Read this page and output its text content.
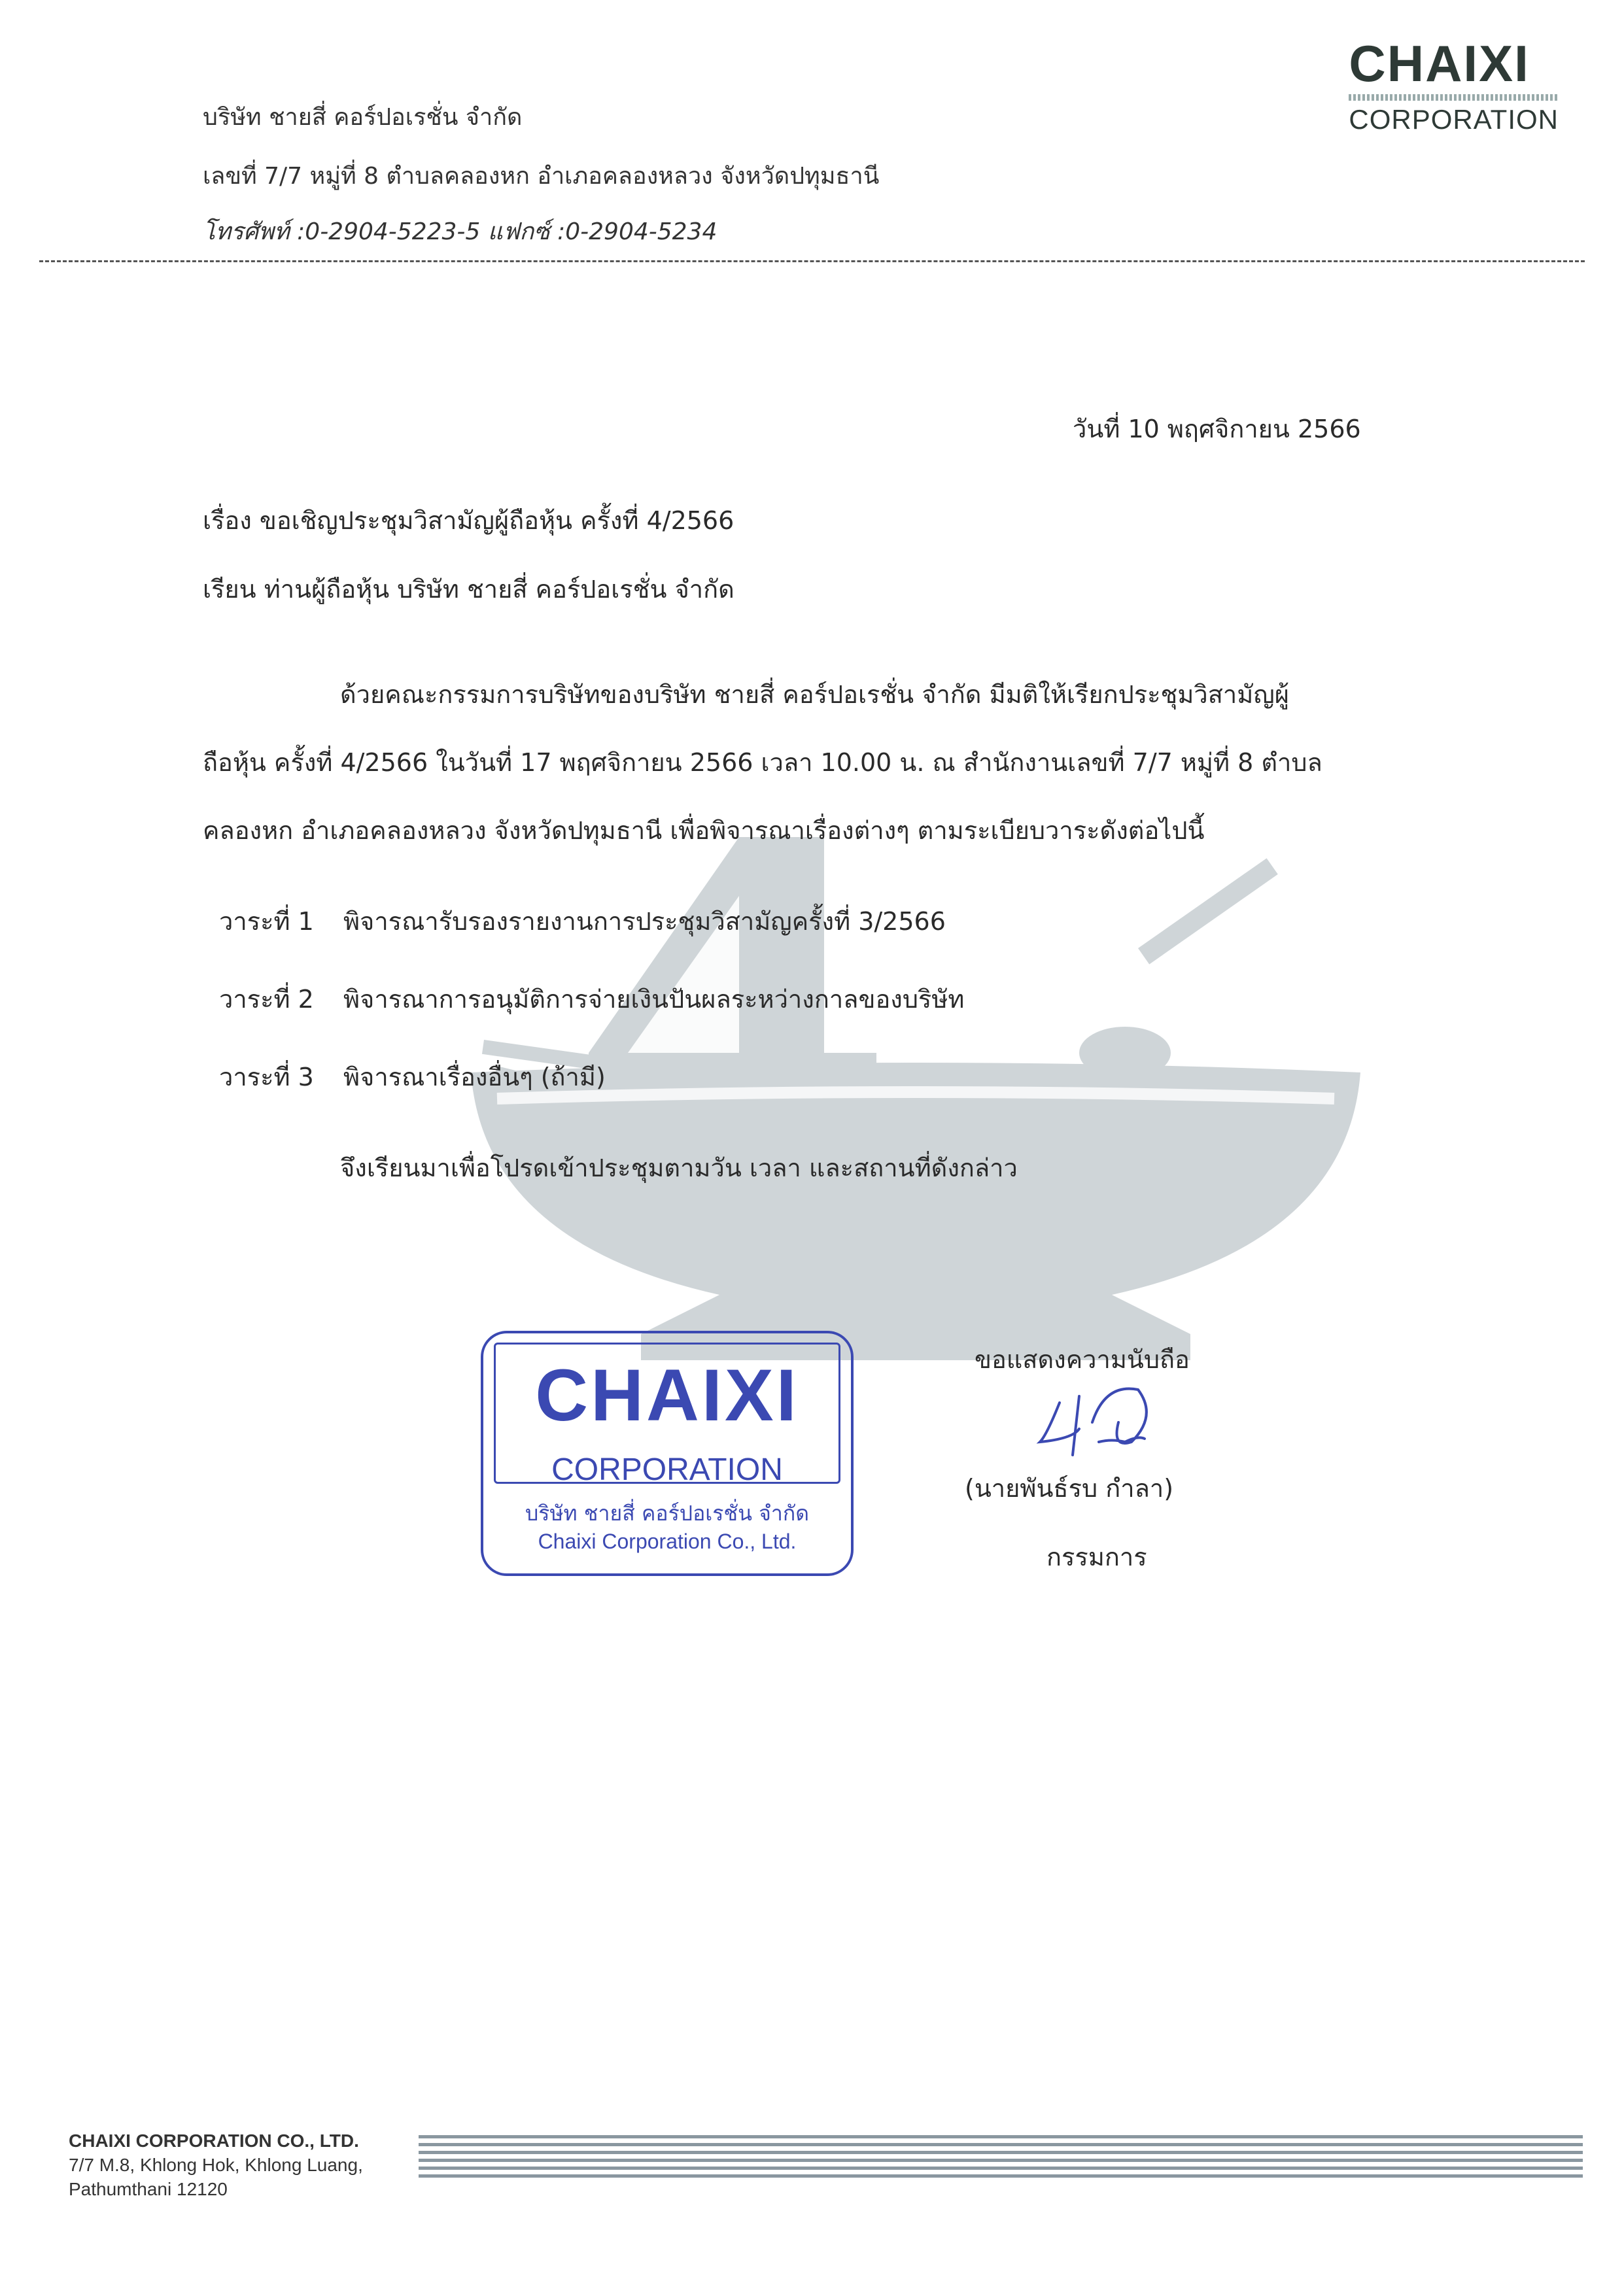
บริษัท ชายสี่ คอร์ปอเรชั่น จำกัด
เลขที่ 7/7 หมู่ที่ 8 ตำบลคลองหก อำเภอคลองหลวง จังหวัดปทุมธานี
โทรศัพท์ :0-2904-5223-5 แฟกซ์ :0-2904-5234
CHAIXI
CORPORATION
วันที่ 10 พฤศจิกายน 2566
เรื่อง ขอเชิญประชุมวิสามัญผู้ถือหุ้น ครั้งที่ 4/2566
เรียน ท่านผู้ถือหุ้น บริษัท ชายสี่ คอร์ปอเรชั่น จำกัด
ด้วยคณะกรรมการบริษัทของบริษัท ชายสี่ คอร์ปอเรชั่น จำกัด มีมติให้เรียกประชุมวิสามัญผู้
ถือหุ้น ครั้งที่ 4/2566 ในวันที่ 17 พฤศจิกายน 2566 เวลา 10.00 น. ณ สำนักงานเลขที่ 7/7 หมู่ที่ 8 ตำบล
คลองหก อำเภอคลองหลวง จังหวัดปทุมธานี เพื่อพิจารณาเรื่องต่างๆ ตามระเบียบวาระดังต่อไปนี้
วาระที่ 1 พิจารณารับรองรายงานการประชุมวิสามัญครั้งที่ 3/2566
วาระที่ 2 พิจารณาการอนุมัติการจ่ายเงินปันผลระหว่างกาลของบริษัท
วาระที่ 3 พิจารณาเรื่องอื่นๆ (ถ้ามี)
จึงเรียนมาเพื่อโปรดเข้าประชุมตามวัน เวลา และสถานที่ดังกล่าว
ขอแสดงความนับถือ
(นายพันธ์รบ กำลา)
กรรมการ
CHAIXI
CORPORATION
บริษัท ชายสี่ คอร์ปอเรชั่น จำกัด
Chaixi Corporation Co., Ltd.
CHAIXI CORPORATION CO., LTD.
7/7 M.8, Khlong Hok, Khlong Luang,
Pathumthani 12120
